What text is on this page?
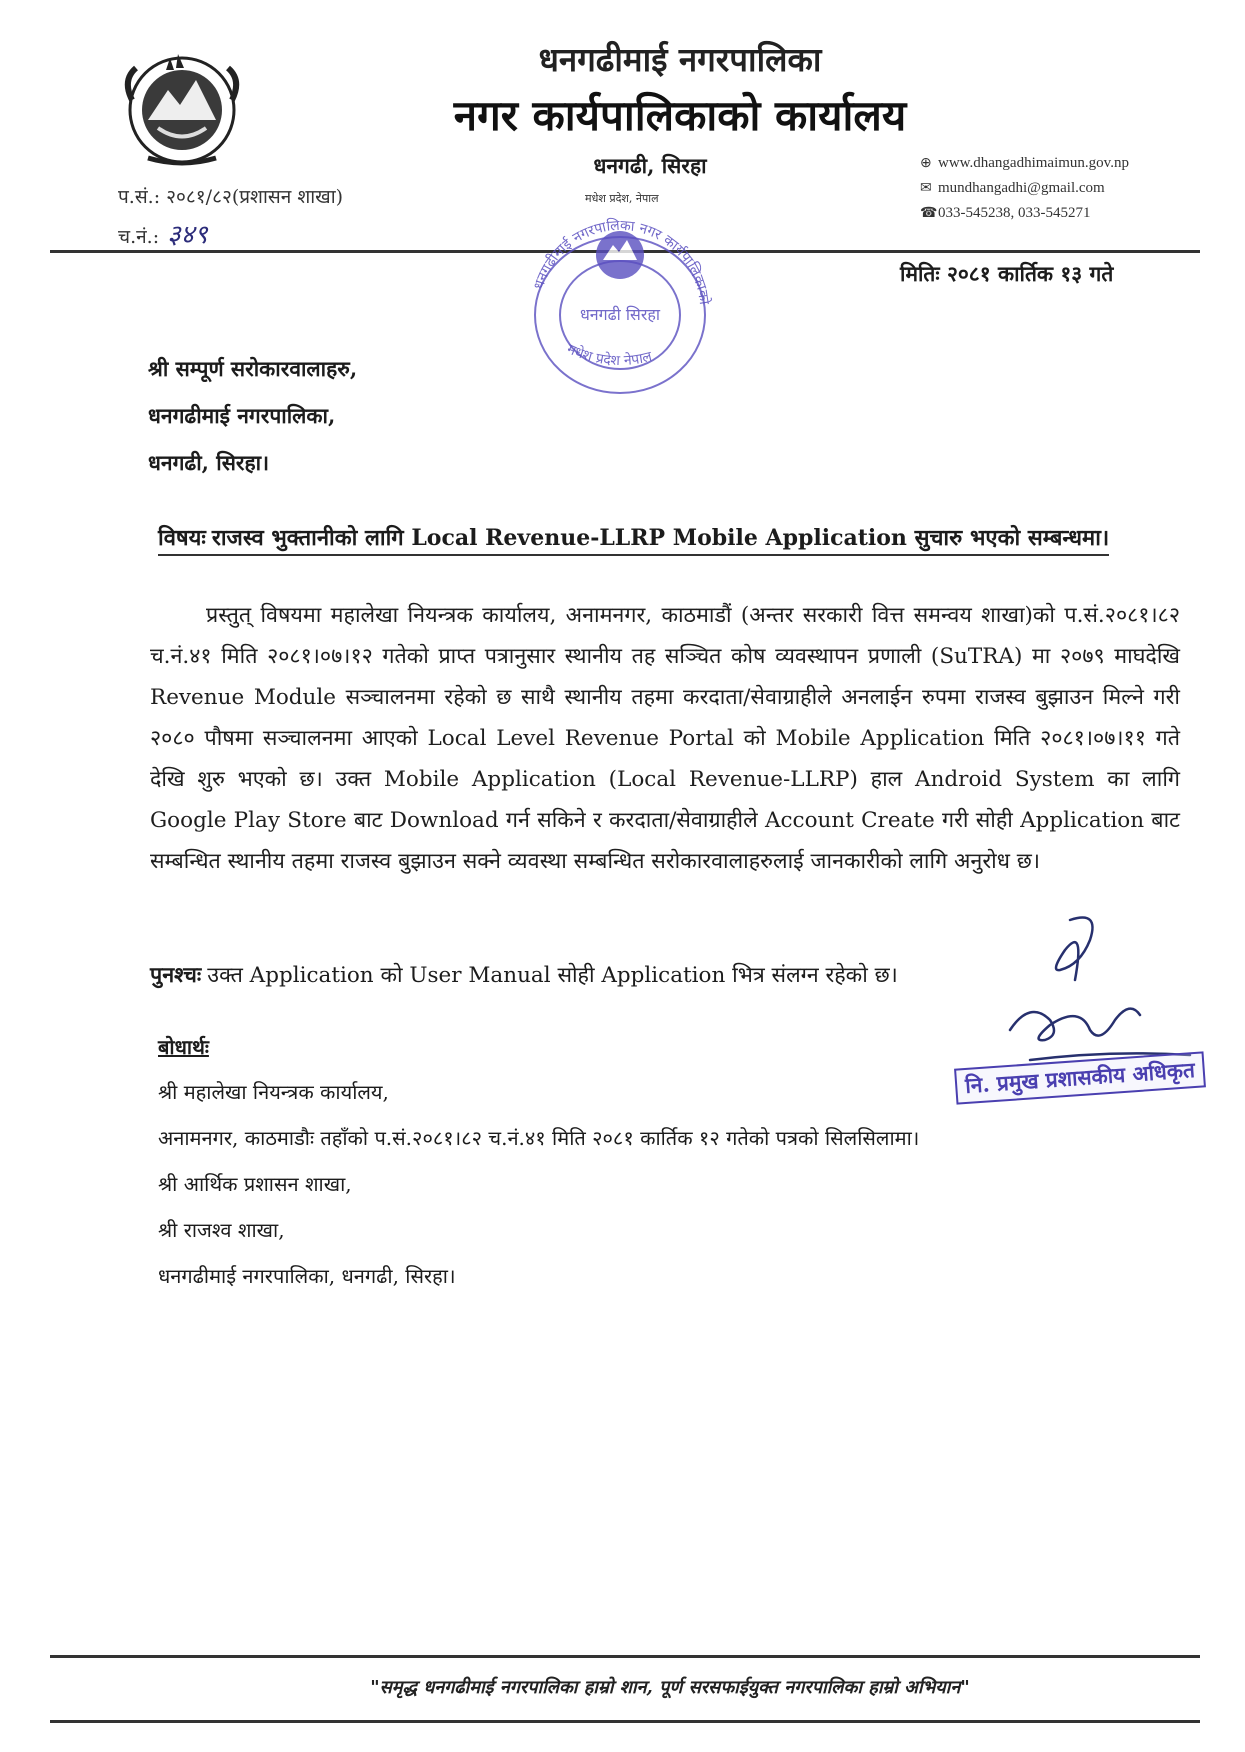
धनगढीमाई नगरपालिका
नगर कार्यपालिकाको कार्यालय
धनगढी, सिरहा
प.सं.: २०८१/८२(प्रशासन शाखा)
च.नं.: ३४९
⊕ www.dhangadhimaimun.gov.np
✉ mundhangadhi@gmail.com
☎033-545238, 033-545271
मधेश प्रदेश, नेपाल
धनगढीमाई नगरपालिका नगर कार्यपालिकाको
धनगढी सिरहा
मधेश प्रदेश नेपाल
मितिः २०८१ कार्तिक १३ गते
श्री सम्पूर्ण सरोकारवालाहरु,
धनगढीमाई नगरपालिका,
धनगढी, सिरहा।
विषयः राजस्व भुक्तानीको लागि Local Revenue-LLRP Mobile Application सुचारु भएको सम्बन्धमा।
प्रस्तुत् विषयमा महालेखा नियन्त्रक कार्यालय, अनामनगर, काठमाडौं (अन्तर सरकारी वित्त समन्वय शाखा)को प.सं.२०८१।८२ च.नं.४१ मिति २०८१।०७।१२ गतेको प्राप्त पत्रानुसार स्थानीय तह सञ्चित कोष व्यवस्थापन प्रणाली (SuTRA) मा २०७९ माघदेखि Revenue Module सञ्चालनमा रहेको छ साथै स्थानीय तहमा करदाता/सेवाग्राहीले अनलाईन रुपमा राजस्व बुझाउन मिल्ने गरी २०८० पौषमा सञ्चालनमा आएको Local Level Revenue Portal को Mobile Application मिति २०८१।०७।११ गते देखि शुरु भएको छ। उक्त Mobile Application (Local Revenue-LLRP) हाल Android System का लागि Google Play Store बाट Download गर्न सकिने र करदाता/सेवाग्राहीले Account Create गरी सोही Application बाट सम्बन्धित स्थानीय तहमा राजस्व बुझाउन सक्ने व्यवस्था सम्बन्धित सरोकारवालाहरुलाई जानकारीको लागि अनुरोध छ।
पुनश्चः उक्त Application को User Manual सोही Application भित्र संलग्न रहेको छ।
नि. प्रमुख प्रशासकीय अधिकृत
बोधार्थः
श्री महालेखा नियन्त्रक कार्यालय,
अनामनगर, काठमाडौः तहाँको प.सं.२०८१।८२ च.नं.४१ मिति २०८१ कार्तिक १२ गतेको पत्रको सिलसिलामा।
श्री आर्थिक प्रशासन शाखा,
श्री राजश्व शाखा,
धनगढीमाई नगरपालिका, धनगढी, सिरहा।
"समृद्ध धनगढीमाई नगरपालिका हाम्रो शान, पूर्ण सरसफाईयुक्त नगरपालिका हाम्रो अभियान"
